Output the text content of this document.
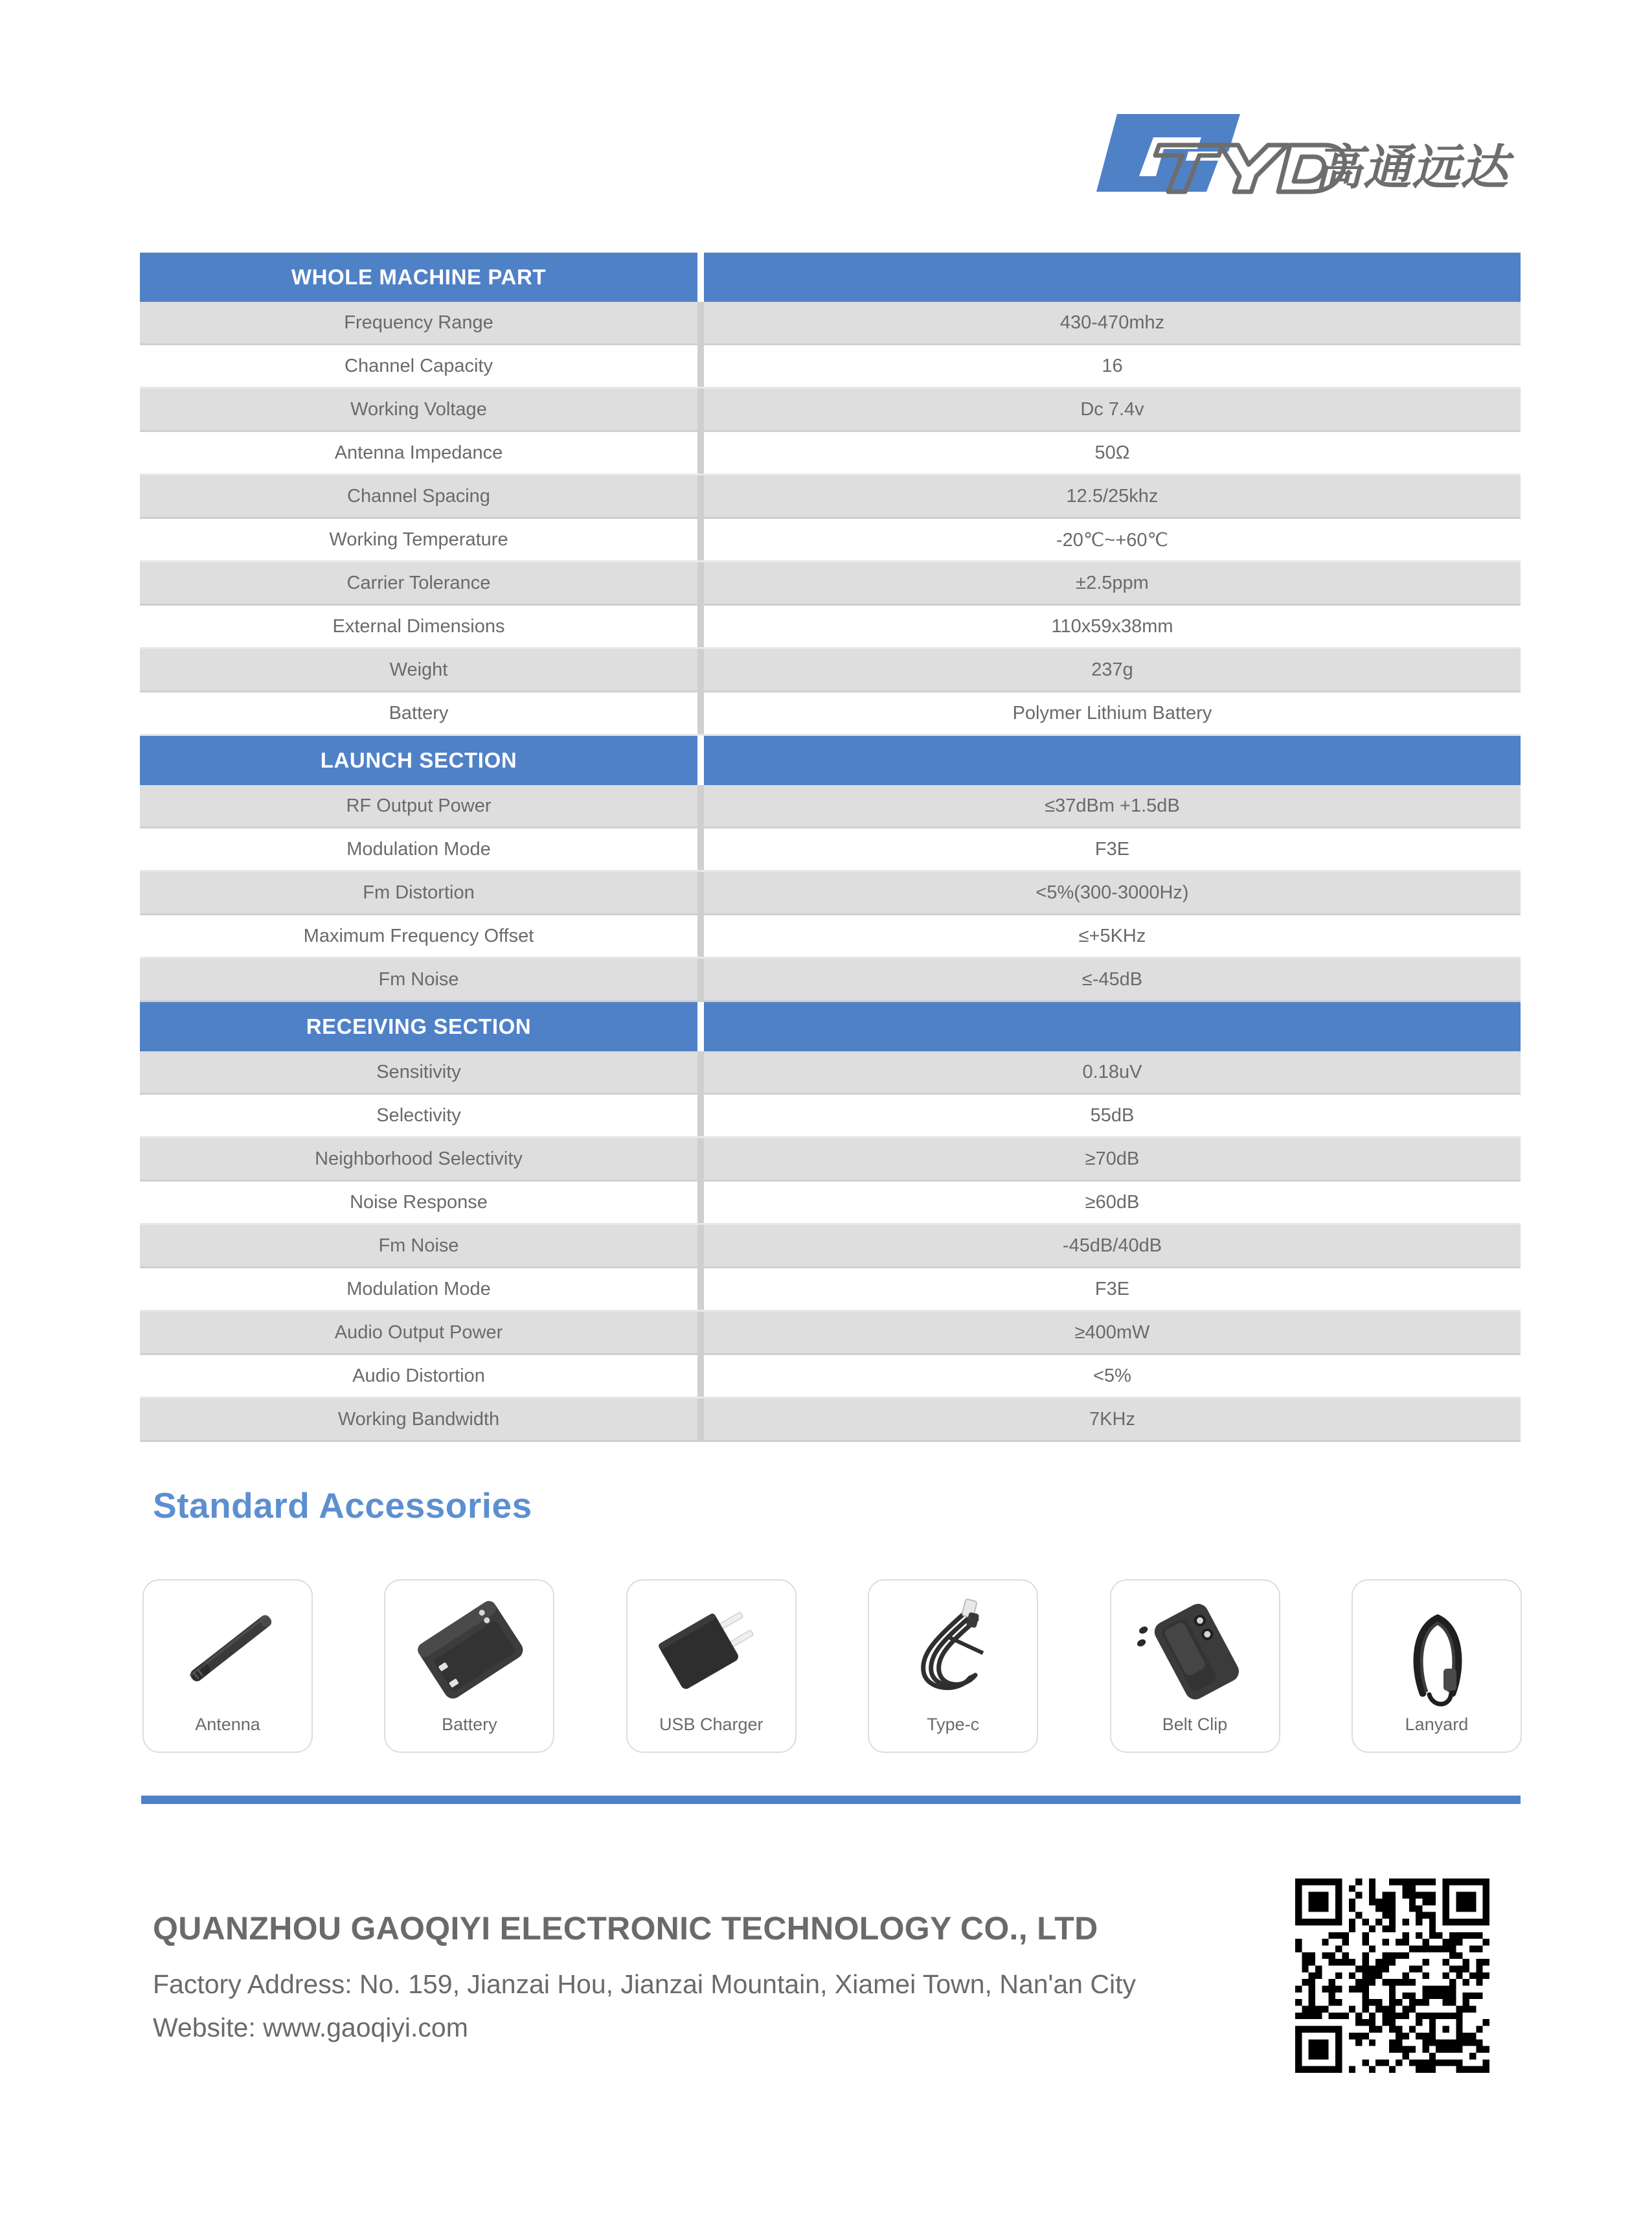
高通远达
WHOLE MACHINE PART
Frequency Range	430-470mhz
Channel Capacity	16
Working Voltage	Dc 7.4v
Antenna Impedance	50Ω
Channel Spacing	12.5/25khz
Working Temperature	-20℃~+60℃
Carrier Tolerance	±2.5ppm
External Dimensions	110x59x38mm
Weight	237g
Battery	Polymer Lithium Battery
LAUNCH SECTION
RF Output Power	≤37dBm +1.5dB
Modulation Mode	F3E
Fm Distortion	<5%(300-3000Hz)
Maximum Frequency Offset	≤+5KHz
Fm Noise	≤-45dB
RECEIVING SECTION
Sensitivity	0.18uV
Selectivity	55dB
Neighborhood Selectivity	≥70dB
Noise Response	≥60dB
Fm Noise	-45dB/40dB
Modulation Mode	F3E
Audio Output Power	≥400mW
Audio Distortion	<5%
Working Bandwidth	7KHz
Standard Accessories
Antenna	Battery	USB Charger	Type-c	Belt Clip	Lanyard
QUANZHOU GAOQIYI ELECTRONIC TECHNOLOGY CO., LTD
Factory Address: No. 159, Jianzai Hou, Jianzai Mountain, Xiamei Town, Nan'an City
Website: www.gaoqiyi.com
